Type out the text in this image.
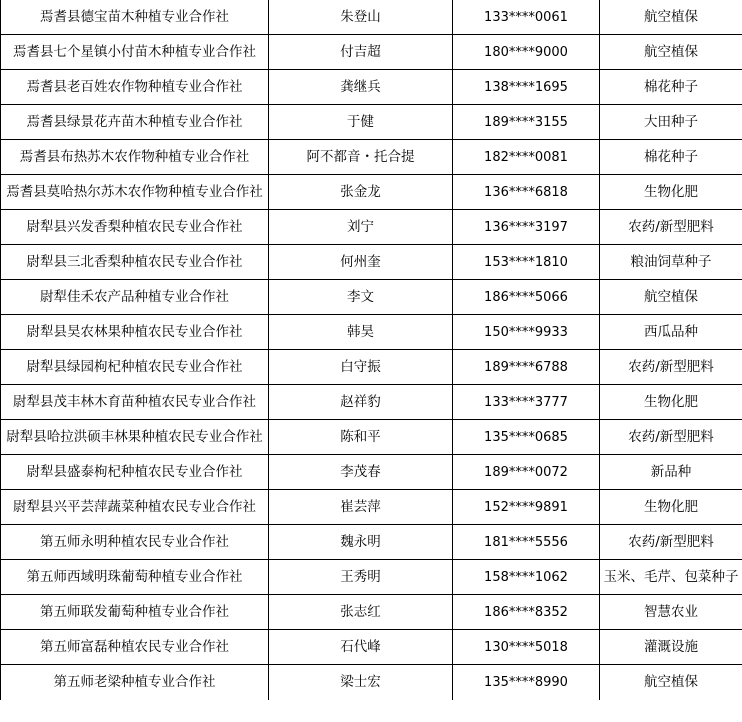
焉耆县德宝苗木种植专业合作社	朱登山	133****0061	航空植保
焉耆县七个星镇小付苗木种植专业合作社	付吉超	180****9000	航空植保
焉耆县老百姓农作物种植专业合作社	龚继兵	138****1695	棉花种子
焉耆县绿景花卉苗木种植专业合作社	于健	189****3155	大田种子
焉耆县布热苏木农作物种植专业合作社	阿不都音・托合提	182****0081	棉花种子
焉耆县莫哈热尔苏木农作物种植专业合作社	张金龙	136****6818	生物化肥
尉犁县兴发香梨种植农民专业合作社	刘宁	136****3197	农药/新型肥料
尉犁县三北香梨种植农民专业合作社	何州奎	153****1810	粮油饲草种子
尉犁佳禾农产品种植专业合作社	李文	186****5066	航空植保
尉犁县昊农林果种植农民专业合作社	韩昊	150****9933	西瓜品种
尉犁县绿园枸杞种植农民专业合作社	白守振	189****6788	农药/新型肥料
尉犁县茂丰林木育苗种植农民专业合作社	赵祥豹	133****3777	生物化肥
尉犁县哈拉洪硕丰林果种植农民专业合作社	陈和平	135****0685	农药/新型肥料
尉犁县盛泰枸杞种植农民专业合作社	李茂春	189****0072	新品种
尉犁县兴平芸萍蔬菜种植农民专业合作社	崔芸萍	152****9891	生物化肥
第五师永明种植农民专业合作社	魏永明	181****5556	农药/新型肥料
第五师西域明珠葡萄种植专业合作社	王秀明	158****1062	玉米、毛芹、包菜种子
第五师联发葡萄种植专业合作社	张志红	186****8352	智慧农业
第五师富磊种植农民专业合作社	石代峰	130****5018	灌溉设施
第五师老梁种植专业合作社	梁士宏	135****8990	航空植保
